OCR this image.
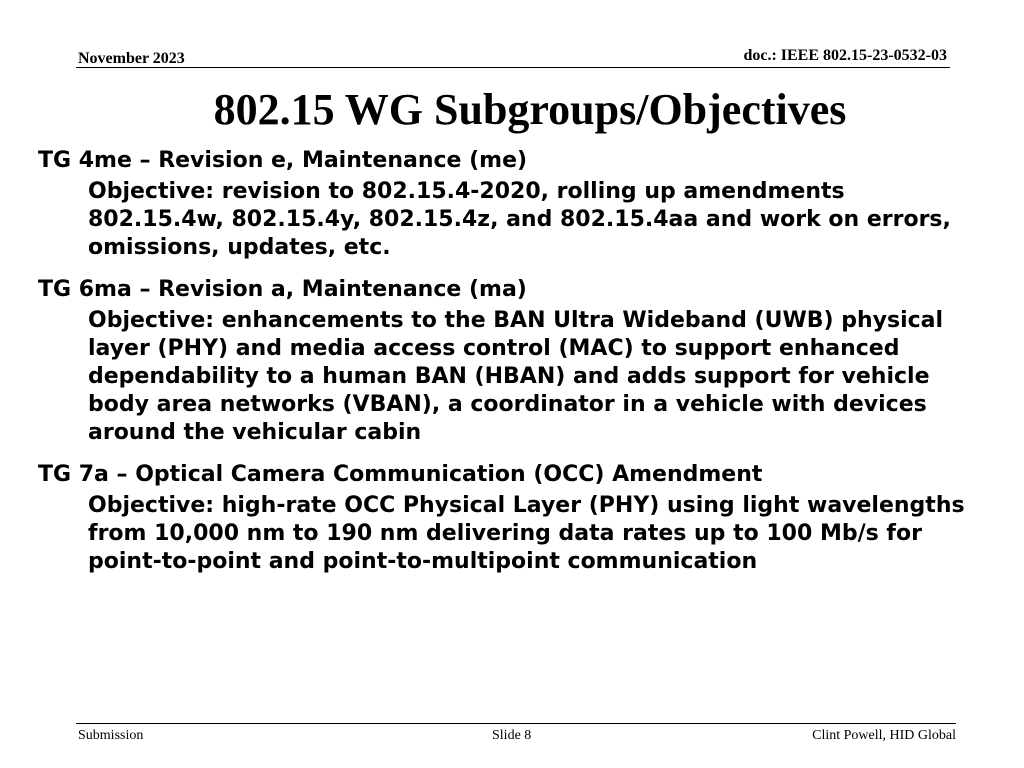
November 2023	doc.: IEEE 802.15-23-0532-03
802.15 WG Subgroups/Objectives

TG 4me – Revision e, Maintenance (me)

Objective: revision to 802.15.4-2020, rolling up amendments 802.15.4w, 802.15.4y, 802.15.4z, and 802.15.4aa and work on errors, omissions, updates, etc.

TG 6ma – Revision a, Maintenance (ma)

Objective: enhancements to the BAN Ultra Wideband (UWB) physical layer (PHY) and media access control (MAC) to support enhanced dependability to a human BAN (HBAN) and adds support for vehicle body area networks (VBAN), a coordinator in a vehicle with devices around the vehicular cabin

TG 7a – Optical Camera Communication (OCC) Amendment

Objective: high-rate OCC Physical Layer (PHY) using light wavelengths from 10,000 nm to 190 nm delivering data rates up to 100 Mb/s for point-to-point and point-to-multipoint communication

Submission	Slide 8	Clint Powell, HID Global
